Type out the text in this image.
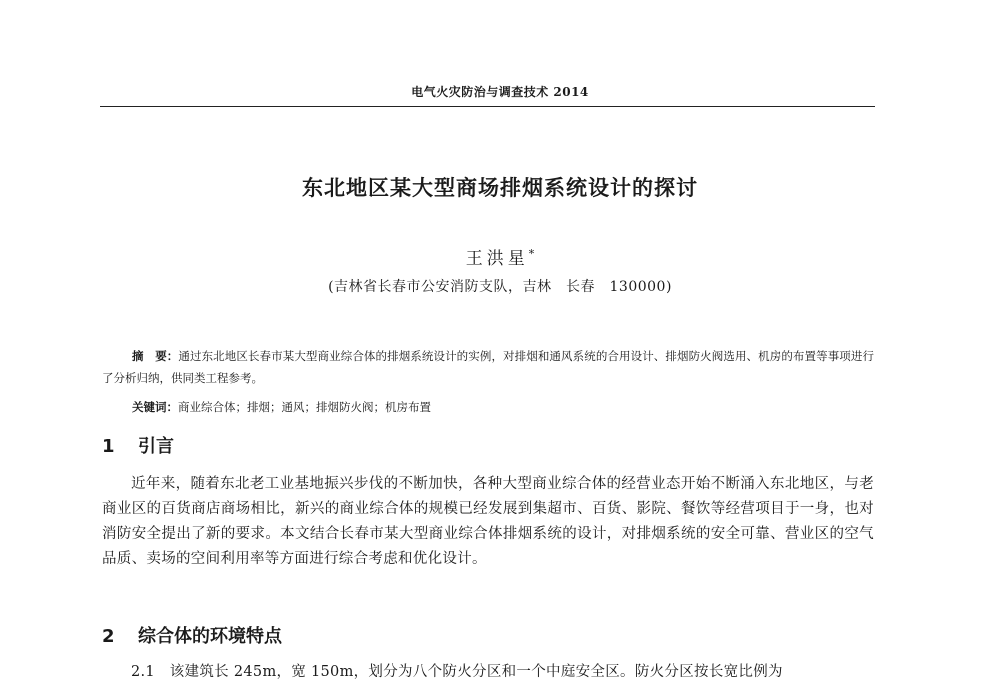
电气火灾防治与调查技术 2014
东北地区某大型商场排烟系统设计的探讨
王洪星*
(吉林省长春市公安消防支队，吉林　长春　130000)
摘　要：通过东北地区长春市某大型商业综合体的排烟系统设计的实例，对排烟和通风系统的合用设计、排烟防火阀选用、机房的布置等事项进行了分析归纳，供同类工程参考。
关键词：商业综合体；排烟；通风；排烟防火阀；机房布置
1 引言
近年来，随着东北老工业基地振兴步伐的不断加快，各种大型商业综合体的经营业态开始不断涌入东北地区，与老商业区的百货商店商场相比，新兴的商业综合体的规模已经发展到集超市、百货、影院、餐饮等经营项目于一身，也对消防安全提出了新的要求。本文结合长春市某大型商业综合体排烟系统的设计，对排烟系统的安全可靠、营业区的空气品质、卖场的空间利用率等方面进行综合考虑和优化设计。
2 综合体的环境特点
2.1　该建筑长 245m，宽 150m，划分为八个防火分区和一个中庭安全区。防火分区按长宽比例为
